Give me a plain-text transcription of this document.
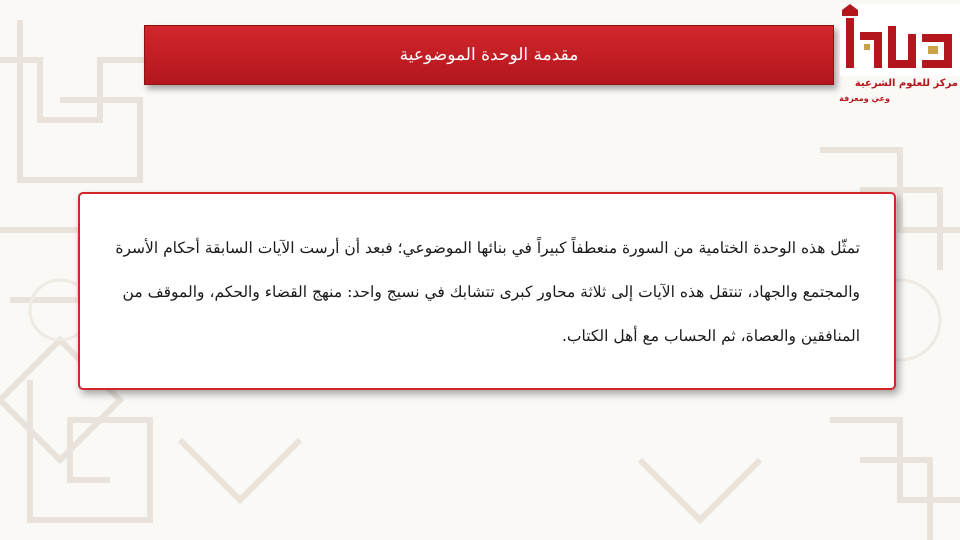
مقدمة الوحدة الموضوعية
مركز للعلوم الشرعية
وعي ومعرفة

تمثّل هذه الوحدة الختامية من السورة منعطفاً كبيراً في بنائها الموضوعي؛ فبعد أن أرست الآيات السابقة أحكام الأسرة والمجتمع والجهاد، تنتقل هذه الآيات إلى ثلاثة محاور كبرى تتشابك في نسيج واحد: منهج القضاء والحكم، والموقف من المنافقين والعصاة، ثم الحساب مع أهل الكتاب.
